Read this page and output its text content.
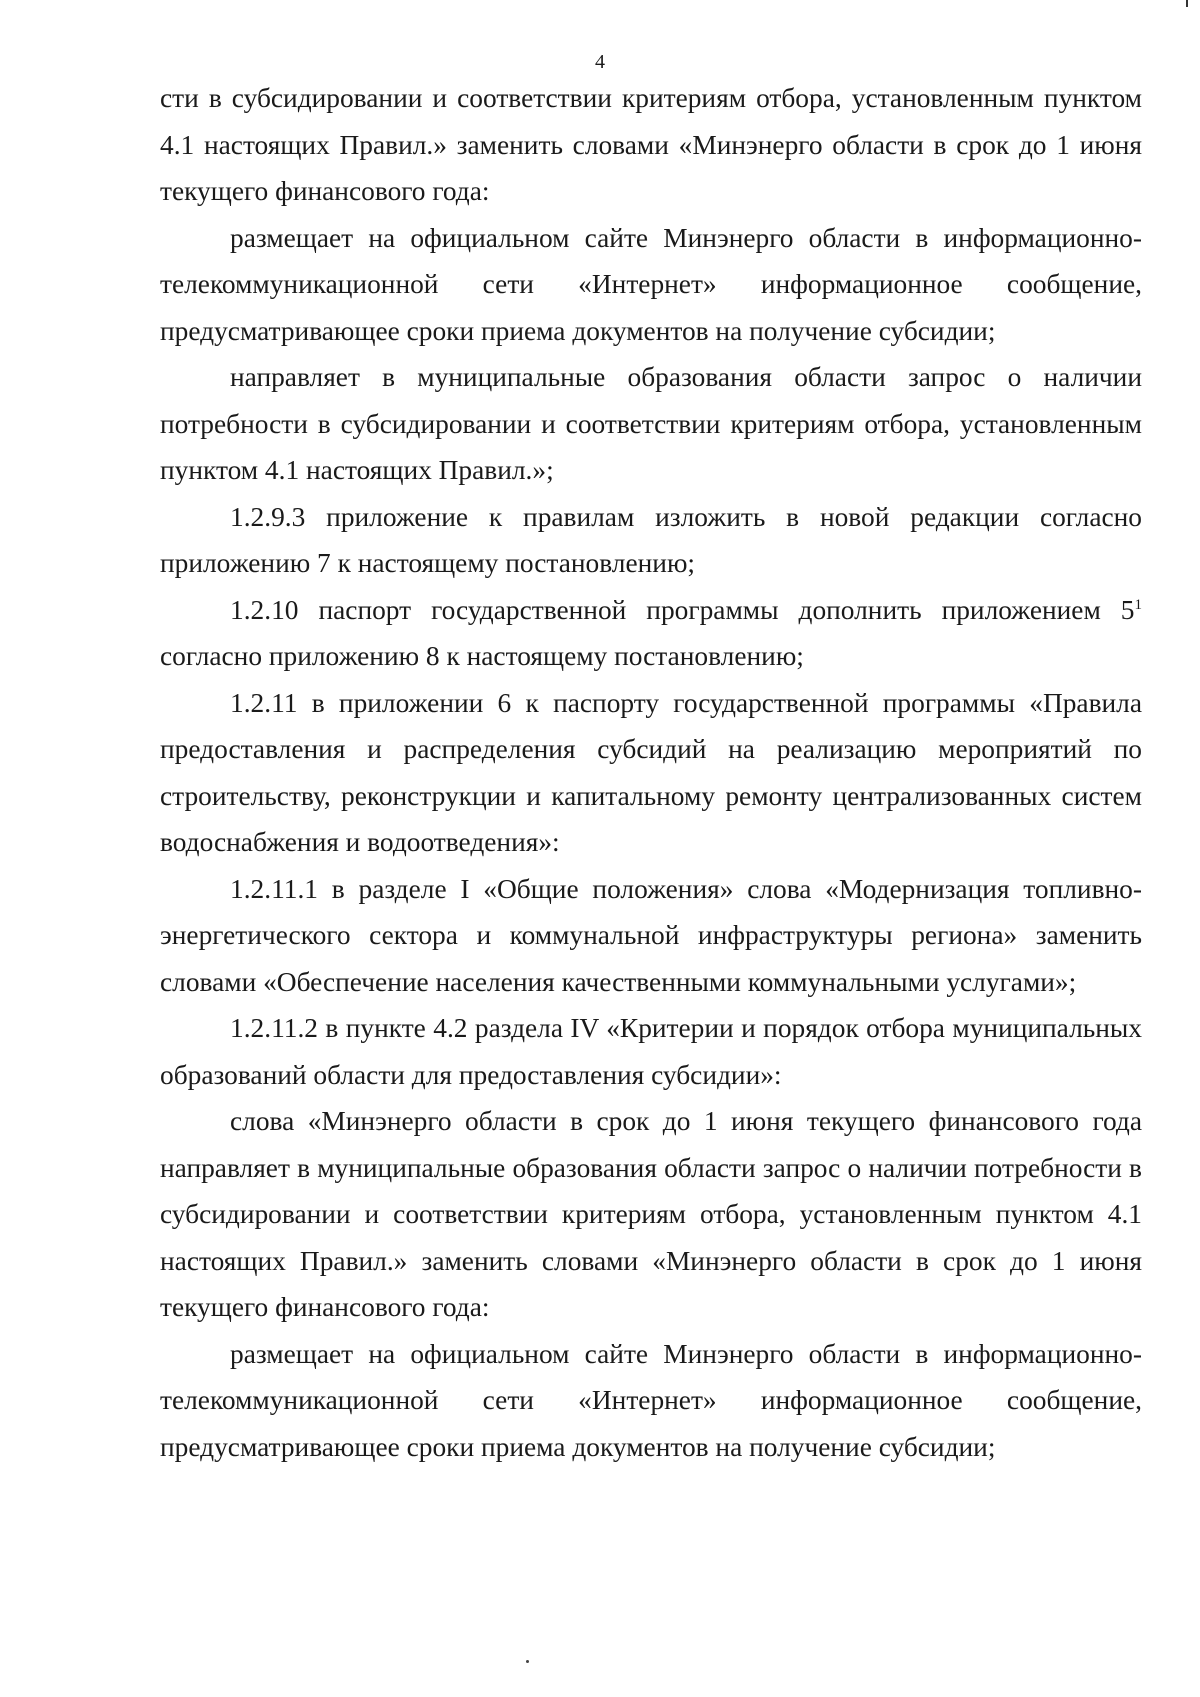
4

сти в субсидировании и соответствии критериям отбора, установленным пунктом 4.1 настоящих Правил.» заменить словами «Минэнерго области в срок до 1 июня текущего финансового года:

размещает на официальном сайте Минэнерго области в информационно-телекоммуникационной сети «Интернет» информационное сообщение, предусматривающее сроки приема документов на получение субсидии;

направляет в муниципальные образования области запрос о наличии потребности в субсидировании и соответствии критериям отбора, установленным пунктом 4.1 настоящих Правил.»;

1.2.9.3 приложение к правилам изложить в новой редакции согласно приложению 7 к настоящему постановлению;

1.2.10 паспорт государственной программы дополнить приложением $5^1$ согласно приложению 8 к настоящему постановлению;

1.2.11 в приложении 6 к паспорту государственной программы «Правила предоставления и распределения субсидий на реализацию мероприятий по строительству, реконструкции и капитальному ремонту централизованных систем водоснабжения и водоотведения»:

1.2.11.1 в разделе I «Общие положения» слова «Модернизация топливно-энергетического сектора и коммунальной инфраструктуры региона» заменить словами «Обеспечение населения качественными коммунальными услугами»;

1.2.11.2 в пункте 4.2 раздела IV «Критерии и порядок отбора муниципальных образований области для предоставления субсидии»:

слова «Минэнерго области в срок до 1 июня текущего финансового года направляет в муниципальные образования области запрос о наличии потребности в субсидировании и соответствии критериям отбора, установленным пунктом 4.1 настоящих Правил.» заменить словами «Минэнерго области в срок до 1 июня текущего финансового года:

размещает на официальном сайте Минэнерго области в информационно-телекоммуникационной сети «Интернет» информационное сообщение, предусматривающее сроки приема документов на получение субсидии;
